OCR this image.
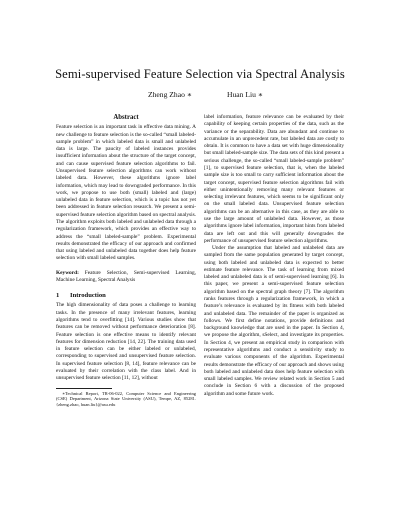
Semi-supervised Feature Selection via Spectral Analysis
Zheng Zhao ∗	Huan Liu ∗
Abstract

Feature selection is an important task in effective data mining. A new challenge to feature selection is the so-called “small labeled-sample problem” in which labeled data is small and unlabeled data is large. The paucity of labeled instances provides insufficient information about the structure of the target concept, and can cause supervised feature selection algorithms to fail. Unsupervised feature selection algorithms can work without labeled data. However, these algorithms ignore label information, which may lead to downgraded performance. In this work, we propose to use both (small) labeled and (large) unlabeled data in feature selection, which is a topic has not yet been addressed in feature selection research. We present a semi-supervised feature selection algorithm based on spectral analysis. The algorithm exploits both labeled and unlabeled data through a regularization framework, which provides an effective way to address the “small labeled-sample” problem. Experimental results demonstrated the efficacy of our approach and confirmed that using labeled and unlabeled data together does help feature selection with small labeled samples.

Keyword: Feature Selection, Semi-supervised Learning, Machine Learning, Spectral Analysis

1 Introduction

The high dimensionality of data poses a challenge to learning tasks. In the presence of many irrelevant features, learning algorithms tend to overfitting [14]. Various studies show that features can be removed without performance deterioration [8]. Feature selection is one effective means to identify relevant features for dimension reduction [14, 22]. The training data used in feature selection can be either labeled or unlabeled, corresponding to supervised and unsupervised feature selection. In supervised feature selection [8, 14], feature relevance can be evaluated by their correlation with the class label. And in unsupervised feature selection [11, 12], without

∗Technical Report, TR-06-022, Computer Science and Engineering (CSE) Department, Arizona State University (ASU), Tempe, AZ, 85281. {zheng.zhao, huan.liu}@asu.edu

label information, feature relevance can be evaluated by their capability of keeping certain properties of the data, such as the variance or the separability. Data are abundant and continue to accumulate in an unprecedent rate, but labeled data are costly to obtain. It is common to have a data set with huge dimensionality but small labeled-sample size. The data sets of this kind present a serious challenge, the so-called “small labeled-sample problem” [1], to supervised feature selection, that is, when the labeled sample size is too small to carry sufficient information about the target concept, supervised feature selection algorithms fail with either unintentionally removing many relevant features or selecting irrelevant features, which seems to be significant only on the small labeled data. Unsupervised feature selection algorithms can be an alternative in this case, as they are able to use the large amount of unlabeled data. However, as those algorithms ignore label information, important hints from labeled data are left out and this will generally downgrades the performance of unsupervised feature selection algorithms.

Under the assumption that labeled and unlabeled data are sampled from the same population generated by target concept, using both labeled and unlabeled data is expected to better estimate feature relevance. The task of learning from mixed labeled and unlabeled data is of semi-supervised learning [6]. In this paper, we present a semi-supervised feature selection algorithm based on the spectral graph theory [7]. The algorithm ranks features through a regularization framework, in which a feature’s relevance is evaluated by its fitness with both labeled and unlabeled data. The remainder of the paper is organized as follows. We first define notations, provide definitions and background knowledge that are used in the paper. In Section 4, we propose the algorithm, sSelect, and investigate its properties. In Section 4, we present an empirical study in comparison with representative algorithms and conduct a sensitivity study to evaluate various components of the algorithm. Experimental results demonstrate the efficacy of our approach and shows using both labeled and unlabeled data does help feature selection with small labeled samples. We review related work in Section 5 and conclude in Section 6 with a discussion of the proposed algorithm and some future work.
